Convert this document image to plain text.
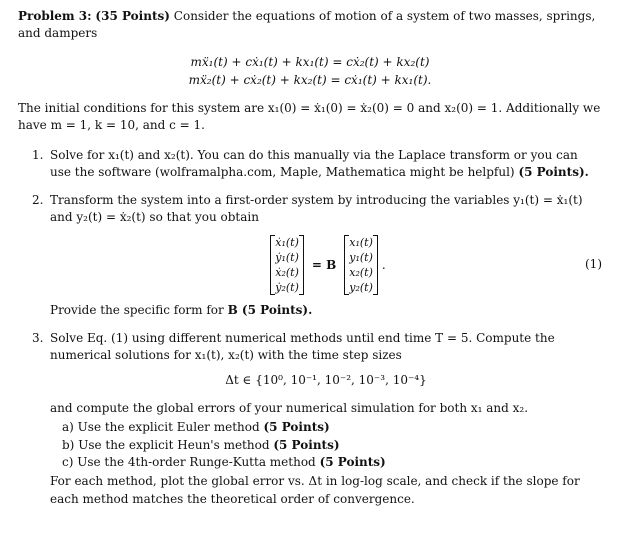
Problem 3: (35 Points) Consider the equations of motion of a system of two masses, springs, and dampers

mẍ₁(t) + cẋ₁(t) + kx₁(t) = cẋ₂(t) + kx₂(t)
mẍ₂(t) + cẋ₂(t) + kx₂(t) = cẋ₁(t) + kx₁(t).

The initial conditions for this system are x₁(0) = ẋ₁(0) = ẋ₂(0) = 0 and x₂(0) = 1. Additionally we have m = 1, k = 10, and c = 1.

1. Solve for x₁(t) and x₂(t). You can do this manually via the Laplace transform or you can use the software (wolframalpha.com, Maple, Mathematica might be helpful) (5 Points).
2. Transform the system into a first-order system by introducing the variables y₁(t) = ẋ₁(t) and y₂(t) = ẋ₂(t) so that you obtain
ẋ₁(t)
ẏ₁(t)
ẋ₂(t)
ẏ₂(t)
= B
x₁(t)
y₁(t)
x₂(t)
y₂(t)
.	(1)
Provide the specific form for B (5 Points).
3. Solve Eq. (1) using different numerical methods until end time T = 5. Compute the numerical solutions for x₁(t), x₂(t) with the time step sizes
Δt ∈ {10⁰, 10⁻¹, 10⁻², 10⁻³, 10⁻⁴}
and compute the global errors of your numerical simulation for both x₁ and x₂.
a) Use the explicit Euler method (5 Points)
b) Use the explicit Heun's method (5 Points)
c) Use the 4th-order Runge-Kutta method (5 Points)
For each method, plot the global error vs. Δt in log-log scale, and check if the slope for each method matches the theoretical order of convergence.
